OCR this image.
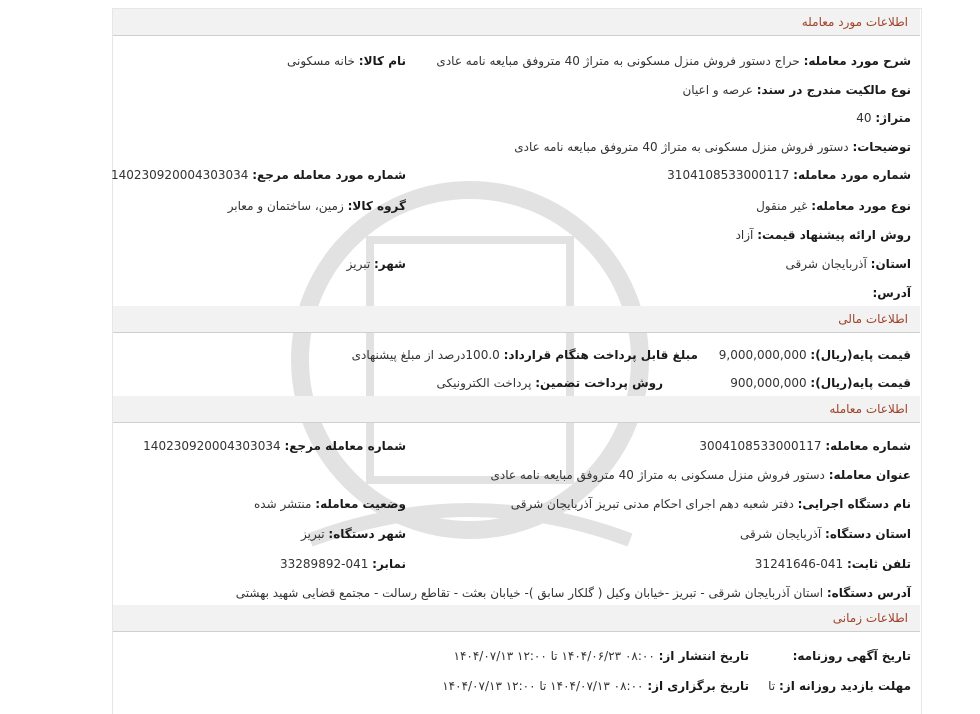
اطلاعات مورد معامله
شرح مورد معامله: حراج دستور فروش منزل مسکونی به متراژ 40 متروفق مبایعه نامه عادی
نام کالا: خانه مسکونی
نوع مالکیت مندرج در سند: عرصه و اعیان
متراژ: 40
توضیحات: دستور فروش منزل مسکونی به متراژ 40 متروفق مبایعه نامه عادی
شماره مورد معامله: 3104108533000117
شماره مورد معامله مرجع: 140230920004303034
نوع مورد معامله: غیر منقول
گروه کالا: زمین، ساختمان و معابر
روش ارائه پیشنهاد قیمت: آزاد
استان: آذربایجان شرقی
شهر: تبریز
آدرس:
اطلاعات مالی
قیمت پایه(ریال): 9,000,000,000
مبلغ قابل پرداخت هنگام قرارداد: 100.0درصد از مبلغ پیشنهادی
قیمت پایه(ریال): 900,000,000
روش پرداخت تضمین: پرداخت الکترونیکی
اطلاعات معامله
شماره معامله: 3004108533000117
شماره معامله مرجع: 140230920004303034
عنوان معامله: دستور فروش منزل مسکونی به متراژ 40 متروفق مبایعه نامه عادی
نام دستگاه اجرایی: دفتر شعبه دهم اجرای احکام مدنی تبریز آذربایجان شرقی
وضعیت معامله: منتشر شده
استان دستگاه: آذربایجان شرقی
شهر دستگاه: تبریز
تلفن ثابت: 041-31241646
نمابر: 041-33289892
آدرس دستگاه: استان آذربایجان شرقی - تبریز -خیابان وکیل ( گلکار سابق )- خیابان بعثت - تقاطع رسالت - مجتمع قضایی شهید بهشتی
اطلاعات زمانی
تاریخ آگهی روزنامه:
تاریخ انتشار از: ۰۸:۰۰ ۱۴۰۴/۰۶/۲۳ تا ۱۲:۰۰ ۱۴۰۴/۰۷/۱۳
مهلت بازدید روزانه از: تا
تاریخ برگزاری از: ۰۸:۰۰ ۱۴۰۴/۰۷/۱۳ تا ۱۲:۰۰ ۱۴۰۴/۰۷/۱۳
